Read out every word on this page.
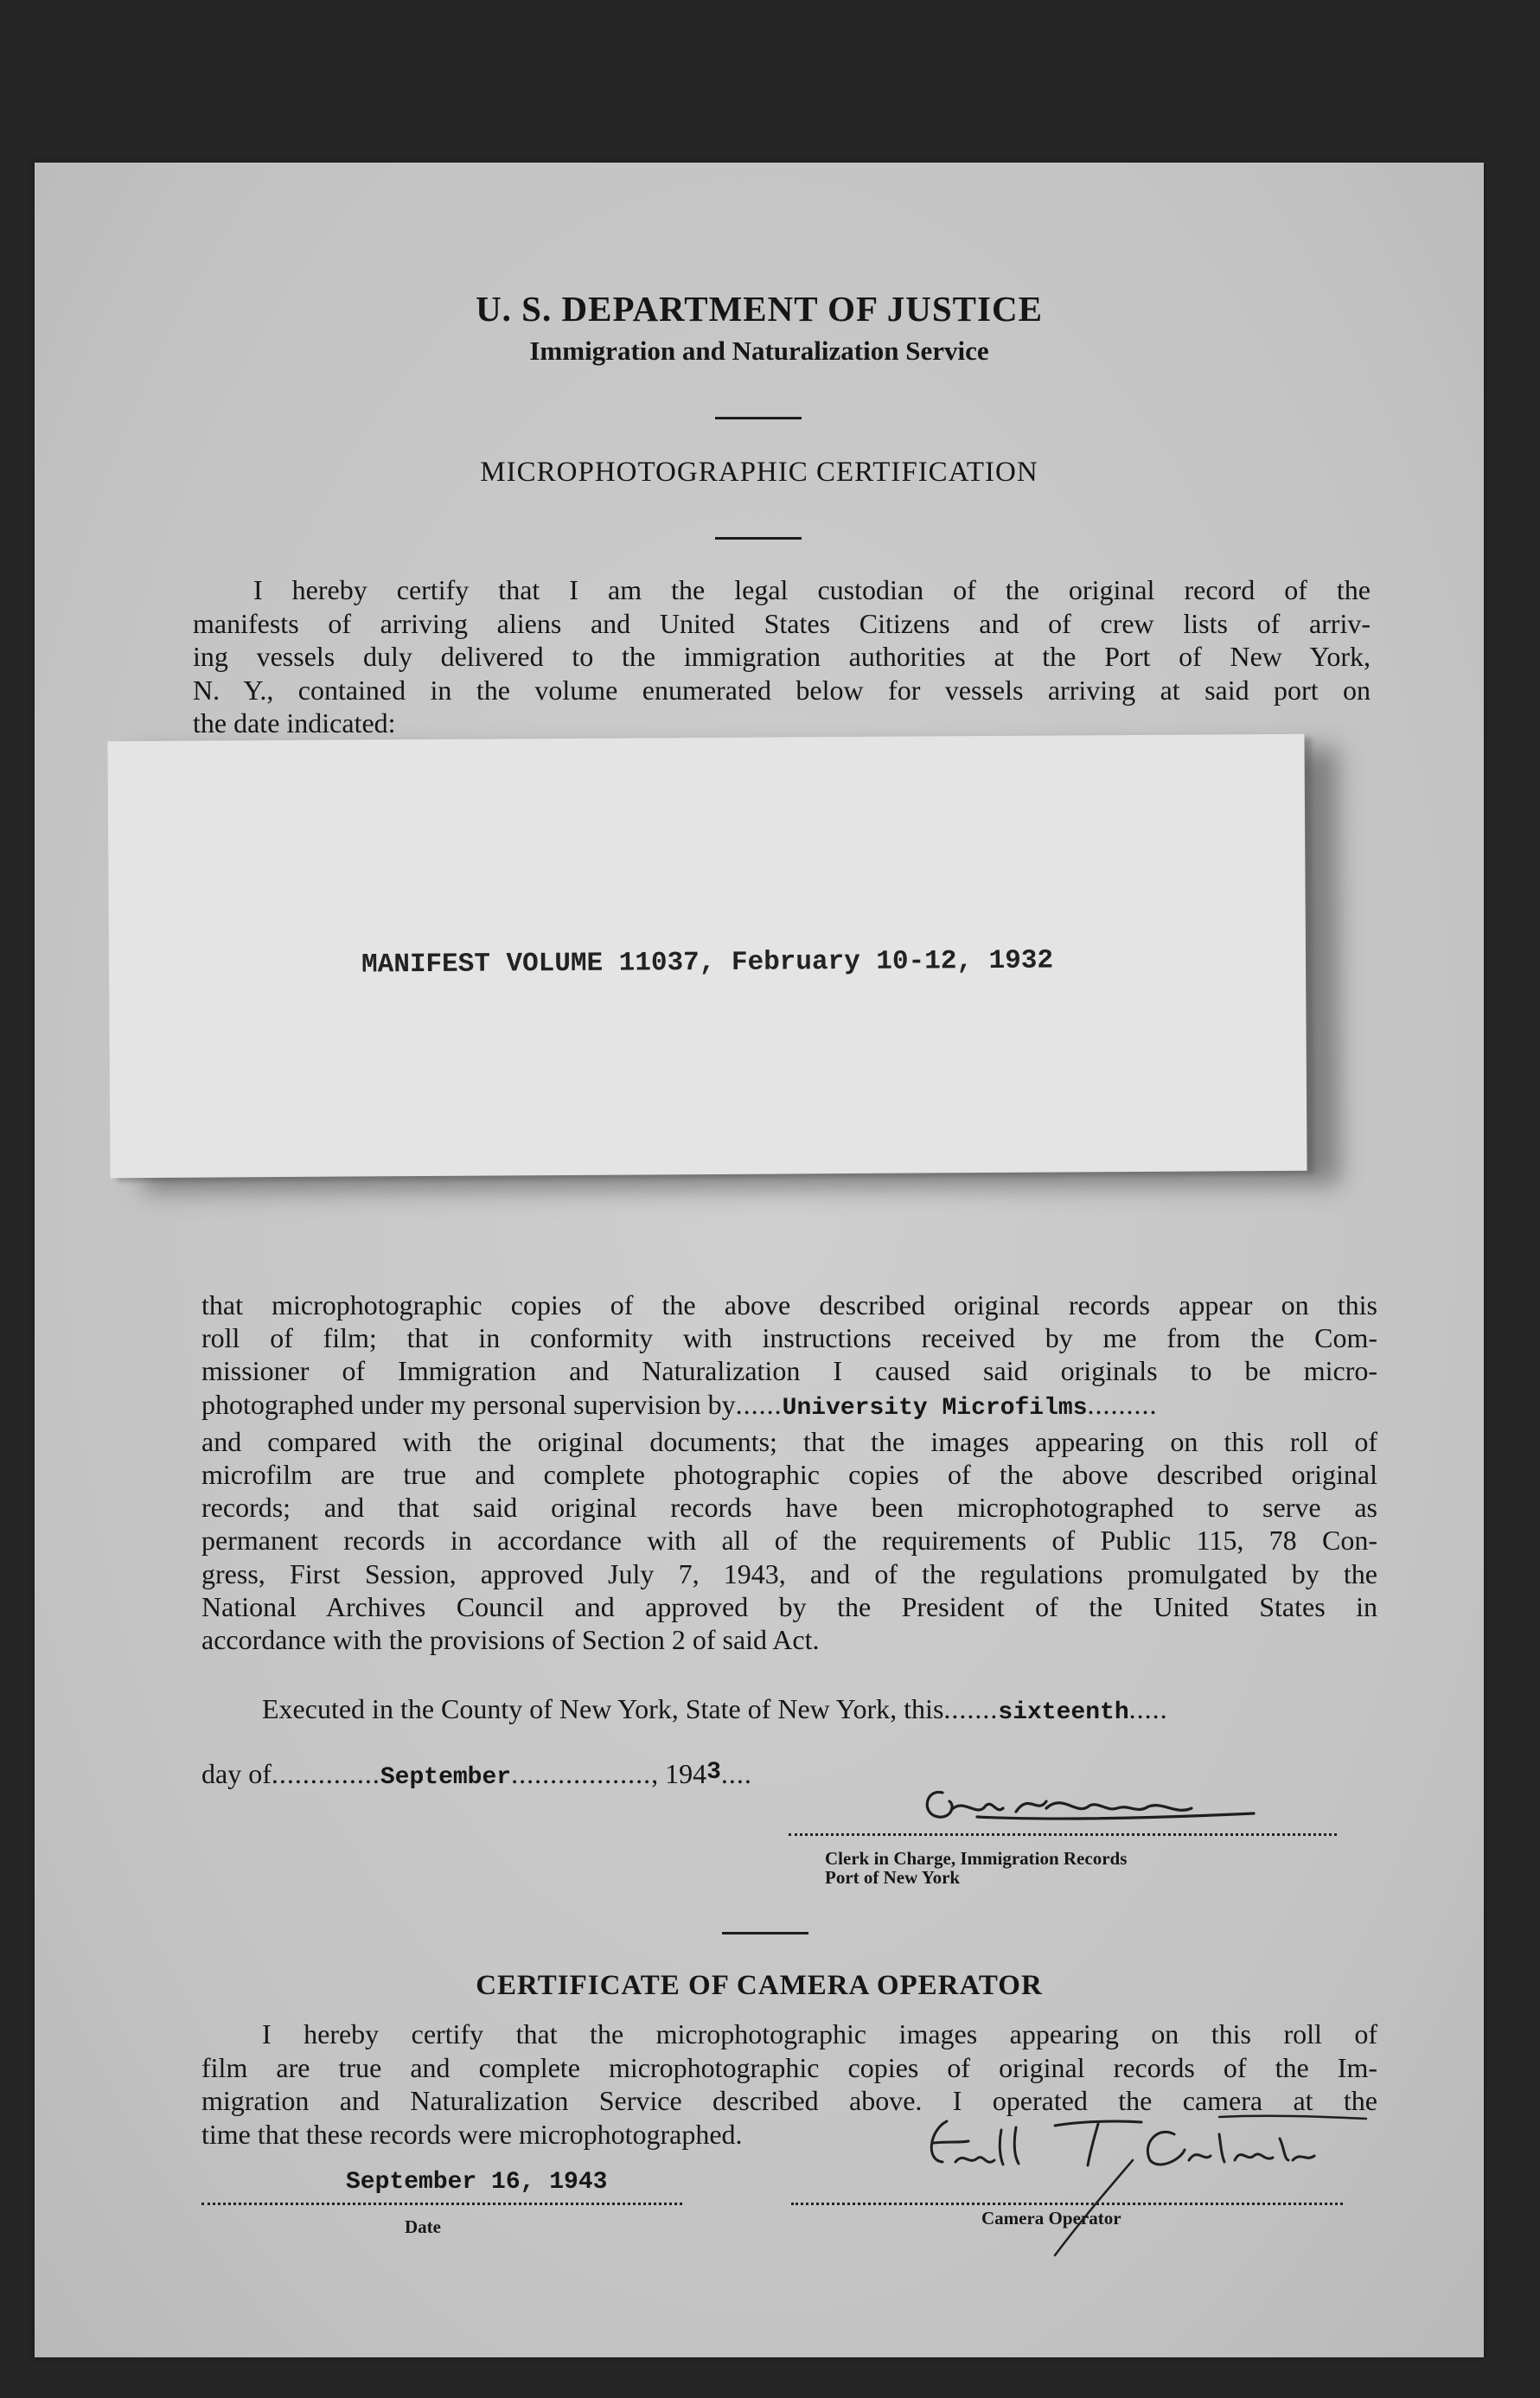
U. S. DEPARTMENT OF JUSTICE
Immigration and Naturalization Service
MICROPHOTOGRAPHIC CERTIFICATION
I hereby certify that I am the legal custodian of the original record of the
manifests of arriving aliens and United States Citizens and of crew lists of arriv-
ing vessels duly delivered to the immigration authorities at the Port of New York,
N. Y., contained in the volume enumerated below for vessels arriving at said port on
the date indicated:
MANIFEST VOLUME 11037, February 10-12, 1932
that microphotographic copies of the above described original records appear on this
roll of film; that in conformity with instructions received by me from the Com-
missioner of Immigration and Naturalization I caused said originals to be micro-
photographed under my personal supervision by......University Microfilms.........
and compared with the original documents; that the images appearing on this roll of
microfilm are true and complete photographic copies of the above described original
records; and that said original records have been microphotographed to serve as
permanent records in accordance with all of the requirements of Public 115, 78 Con-
gress, First Session, approved July 7, 1943, and of the regulations promulgated by the
National Archives Council and approved by the President of the United States in
accordance with the provisions of Section 2 of said Act.
Executed in the County of New York, State of New York, this.......sixteenth.....
day of..............September.................., 1943....
Clerk in Charge, Immigration Records
Port of New York
CERTIFICATE OF CAMERA OPERATOR
I hereby certify that the microphotographic images appearing on this roll of
film are true and complete microphotographic copies of original records of the Im-
migration and Naturalization Service described above. I operated the camera at the
time that these records were microphotographed.
September 16, 1943
Date	Camera Operator
